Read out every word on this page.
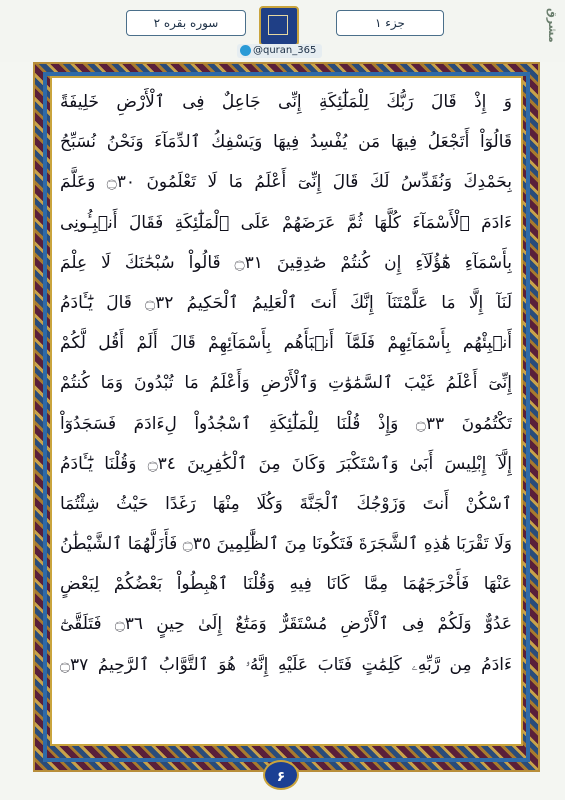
سوره بقره ۲	جزء ۱
@quran_365
مشرق
وَ إِذْ قَالَ رَبُّكَ لِلْمَلَٰٓئِكَةِ إِنِّى جَاعِلٌ فِى ٱلْأَرْضِ خَلِيفَةً
قَالُوٓاْ أَتَجْعَلُ فِيهَا مَن يُفْسِدُ فِيهَا وَيَسْفِكُ ٱلدِّمَآءَ وَنَحْنُ نُسَبِّحُ
بِحَمْدِكَ وَنُقَدِّسُ لَكَ قَالَ إِنِّىٓ أَعْلَمُ مَا لَا تَعْلَمُونَ ۝٣٠ وَعَلَّمَ
ءَادَمَ ٱلْأَسْمَآءَ كُلَّهَا ثُمَّ عَرَضَهُمْ عَلَى ٱلْمَلَٰٓئِكَةِ فَقَالَ أَنۢبِـُٔونِى
بِأَسْمَآءِ هَٰٓؤُلَآءِ إِن كُنتُمْ صَٰدِقِينَ ۝٣١ قَالُواْ سُبْحَٰنَكَ لَا عِلْمَ
لَنَآ إِلَّا مَا عَلَّمْتَنَآ إِنَّكَ أَنتَ ٱلْعَلِيمُ ٱلْحَكِيمُ ۝٣٢ قَالَ يَٰٓـَٔادَمُ
أَنۢبِئْهُم بِأَسْمَآئِهِمْ فَلَمَّآ أَنۢبَأَهُم بِأَسْمَآئِهِمْ قَالَ أَلَمْ أَقُل لَّكُمْ
إِنِّىٓ أَعْلَمُ غَيْبَ ٱلسَّمَٰوَٰتِ وَٱلْأَرْضِ وَأَعْلَمُ مَا تُبْدُونَ وَمَا كُنتُمْ
تَكْتُمُونَ ۝٣٣ وَإِذْ قُلْنَا لِلْمَلَٰٓئِكَةِ ٱسْجُدُواْ لِءَادَمَ فَسَجَدُوٓاْ
إِلَّآ إِبْلِيسَ أَبَىٰ وَٱسْتَكْبَرَ وَكَانَ مِنَ ٱلْكَٰفِرِينَ ۝٣٤ وَقُلْنَا يَٰٓـَٔادَمُ
ٱسْكُنْ أَنتَ وَزَوْجُكَ ٱلْجَنَّةَ وَكُلَا مِنْهَا رَغَدًا حَيْثُ شِئْتُمَا
وَلَا تَقْرَبَا هَٰذِهِ ٱلشَّجَرَةَ فَتَكُونَا مِنَ ٱلظَّٰلِمِينَ ۝٣٥ فَأَزَلَّهُمَا ٱلشَّيْطَٰنُ
عَنْهَا فَأَخْرَجَهُمَا مِمَّا كَانَا فِيهِ وَقُلْنَا ٱهْبِطُواْ بَعْضُكُمْ لِبَعْضٍ
عَدُوٌّ وَلَكُمْ فِى ٱلْأَرْضِ مُسْتَقَرٌّ وَمَتَٰعٌ إِلَىٰ حِينٍ ۝٣٦ فَتَلَقَّىٰٓ
ءَادَمُ مِن رَّبِّهِۦ كَلِمَٰتٍ فَتَابَ عَلَيْهِ إِنَّهُۥ هُوَ ٱلتَّوَّابُ ٱلرَّحِيمُ ۝٣٧
۶
